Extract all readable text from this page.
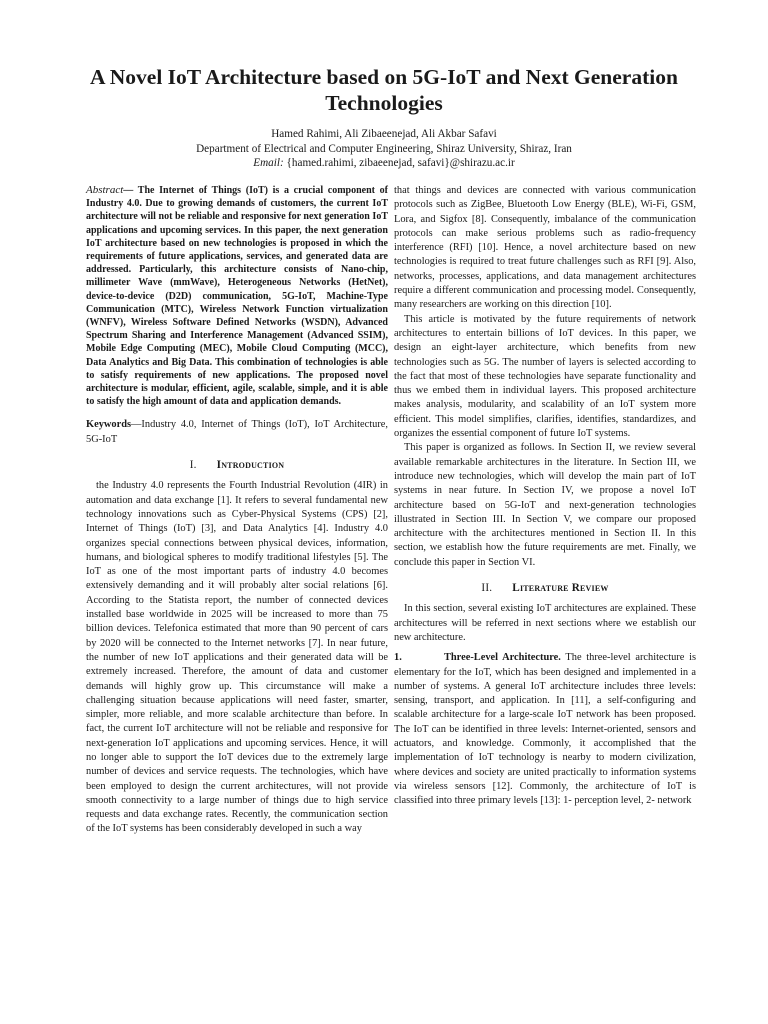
A Novel IoT Architecture based on 5G-IoT and Next Generation Technologies
Hamed Rahimi, Ali Zibaeenejad, Ali Akbar Safavi
Department of Electrical and Computer Engineering, Shiraz University, Shiraz, Iran
Email: {hamed.rahimi, zibaeenejad, safavi}@shirazu.ac.ir

Abstract— The Internet of Things (IoT) is a crucial component of Industry 4.0. Due to growing demands of customers, the current IoT architecture will not be reliable and responsive for next generation IoT applications and upcoming services. In this paper, the next generation IoT architecture based on new technologies is proposed in which the requirements of future applications, services, and generated data are addressed. Particularly, this architecture consists of Nano-chip, millimeter Wave (mmWave), Heterogeneous Networks (HetNet), device-to-device (D2D) communication, 5G-IoT, Machine-Type Communication (MTC), Wireless Network Function virtualization (WNFV), Wireless Software Defined Networks (WSDN), Advanced Spectrum Sharing and Interference Management (Advanced SSIM), Mobile Edge Computing (MEC), Mobile Cloud Computing (MCC), Data Analytics and Big Data. This combination of technologies is able to satisfy requirements of new applications. The proposed novel architecture is modular, efficient, agile, scalable, simple, and it is able to satisfy the high amount of data and application demands.

Keywords—Industry 4.0, Internet of Things (IoT), IoT Architecture, 5G-IoT

I. Introduction

the Industry 4.0 represents the Fourth Industrial Revolution (4IR) in automation and data exchange [1]. It refers to several fundamental new technology innovations such as Cyber-Physical Systems (CPS) [2], Internet of Things (IoT) [3], and Data Analytics [4]. Industry 4.0 organizes special connections between physical devices, information, humans, and biological spheres to modify traditional lifestyles [5]. The IoT as one of the most important parts of industry 4.0 becomes extensively demanding and it will probably alter social relations [6]. According to the Statista report, the number of connected devices installed base worldwide in 2025 will be increased to more than 75 billion devices. Telefonica estimated that more than 90 percent of cars by 2020 will be connected to the Internet networks [7]. In near future, the number of new IoT applications and their generated data will be extremely increased. Therefore, the amount of data and customer demands will highly grow up. This circumstance will make a challenging situation because applications will need faster, smarter, simpler, more reliable, and more scalable architecture than before. In fact, the current IoT architecture will not be reliable and responsive for next-generation IoT applications and upcoming services. Hence, it will no longer able to support the IoT devices due to the extremely large number of devices and service requests. The technologies, which have been employed to design the current architectures, will not provide smooth connectivity to a large number of things due to high service requests and data exchange rates. Recently, the communication section of the IoT systems has been considerably developed in such a way

that things and devices are connected with various communication protocols such as ZigBee, Bluetooth Low Energy (BLE), Wi-Fi, GSM, Lora, and Sigfox [8]. Consequently, imbalance of the communication protocols can make serious problems such as radio-frequency interference (RFI) [10]. Hence, a novel architecture based on new technologies is required to treat future challenges such as RFI [9]. Also, networks, processes, applications, and data management architectures require a different communication and processing model. Consequently, many researchers are working on this direction [10].

This article is motivated by the future requirements of network architectures to entertain billions of IoT devices. In this paper, we design an eight-layer architecture, which benefits from new technologies such as 5G. The number of layers is selected according to the fact that most of these technologies have separate functionality and thus we embed them in individual layers. This proposed architecture makes analysis, modularity, and scalability of an IoT system more efficient. This model simplifies, clarifies, identifies, standardizes, and organizes the essential component of future IoT systems.

This paper is organized as follows. In Section II, we review several available remarkable architectures in the literature. In Section III, we introduce new technologies, which will develop the main part of IoT systems in near future. In Section IV, we propose a novel IoT architecture based on 5G-IoT and next-generation technologies illustrated in Section III. In Section V, we compare our proposed architecture with the architectures mentioned in Section II. In this section, we establish how the future requirements are met. Finally, we conclude this paper in Section VI.

II. Literature Review

In this section, several existing IoT architectures are explained. These architectures will be referred in next sections where we establish our new architecture.

1.	Three-Level Architecture. The three-level architecture is elementary for the IoT, which has been designed and implemented in a number of systems. A general IoT architecture includes three levels: sensing, transport, and application. In [11], a self-configuring and scalable architecture for a large-scale IoT network has been proposed. The IoT can be identified in three levels: Internet-oriented, sensors and actuators, and knowledge. Commonly, it accomplished that the implementation of IoT technology is nearby to modern civilization, where devices and society are united practically to information systems via wireless sensors [12]. Commonly, the architecture of IoT is classified into three primary levels [13]: 1- perception level, 2- network
